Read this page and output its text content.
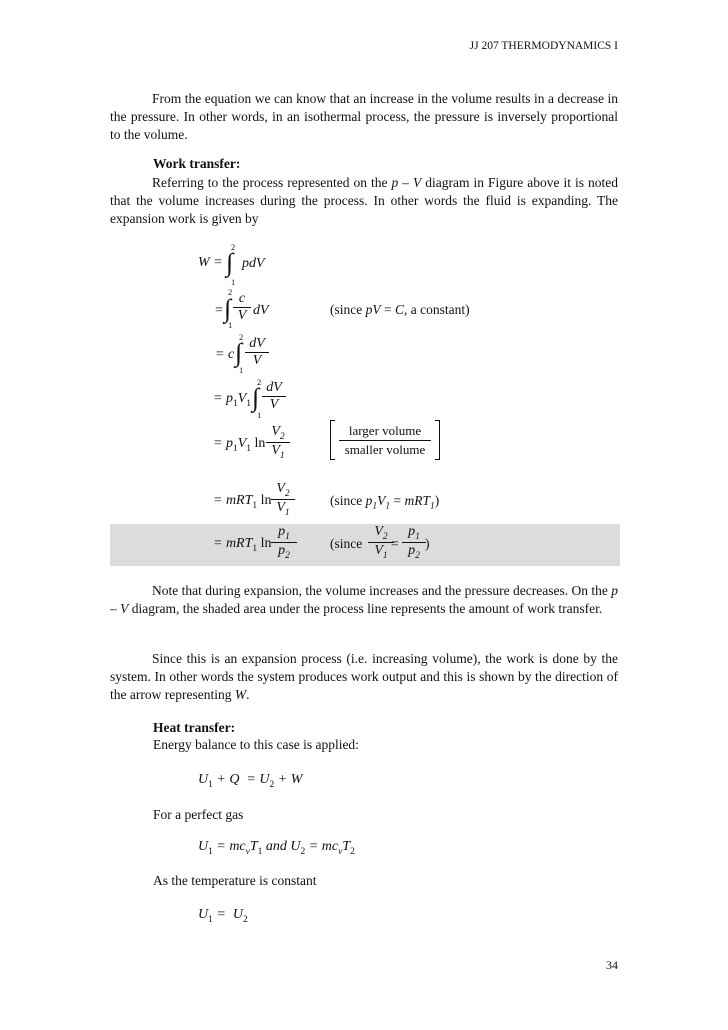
JJ 207 THERMODYNAMICS I
From the equation we can know that an increase in the volume results in a decrease in the pressure. In other words, in an isothermal process, the pressure is inversely proportional to the volume.
Work transfer:
Referring to the process represented on the p – V diagram in Figure above it is noted that the volume increases during the process. In other words the fluid is expanding. The expansion work is given by
W =
2
∫
1
pdV
=
2
∫
1
c
V dV	(since pV = C, a constant)
= c
2
∫
1
dV
V
= $p_1V_1$
2
∫
1
dV
V
= $p_1V_1$ ln
$V_2$
$V_1$
larger volume
smaller volume
= mRT$_1$ ln
$V_2$
$V_1$
(since $p_1V_1 = mRT_1$)
= mRT$_1$ ln
$p_1$
$p_2$
(since
$V_2$
$V_1$
=
$p_1$
$p_2$
)
Note that during expansion, the volume increases and the pressure decreases. On the p – V diagram, the shaded area under the process line represents the amount of work transfer.
Since this is an expansion process (i.e. increasing volume), the work is done by the system. In other words the system produces work output and this is shown by the direction of the arrow representing W.
Heat transfer:
Energy balance to this case is applied:
$U_1 + Q = U_2 + W$
For a perfect gas
$U_1 = mc_vT_1$ and $U_2 = mc_vT_2$
As the temperature is constant
$U_1 = U_2$
34
